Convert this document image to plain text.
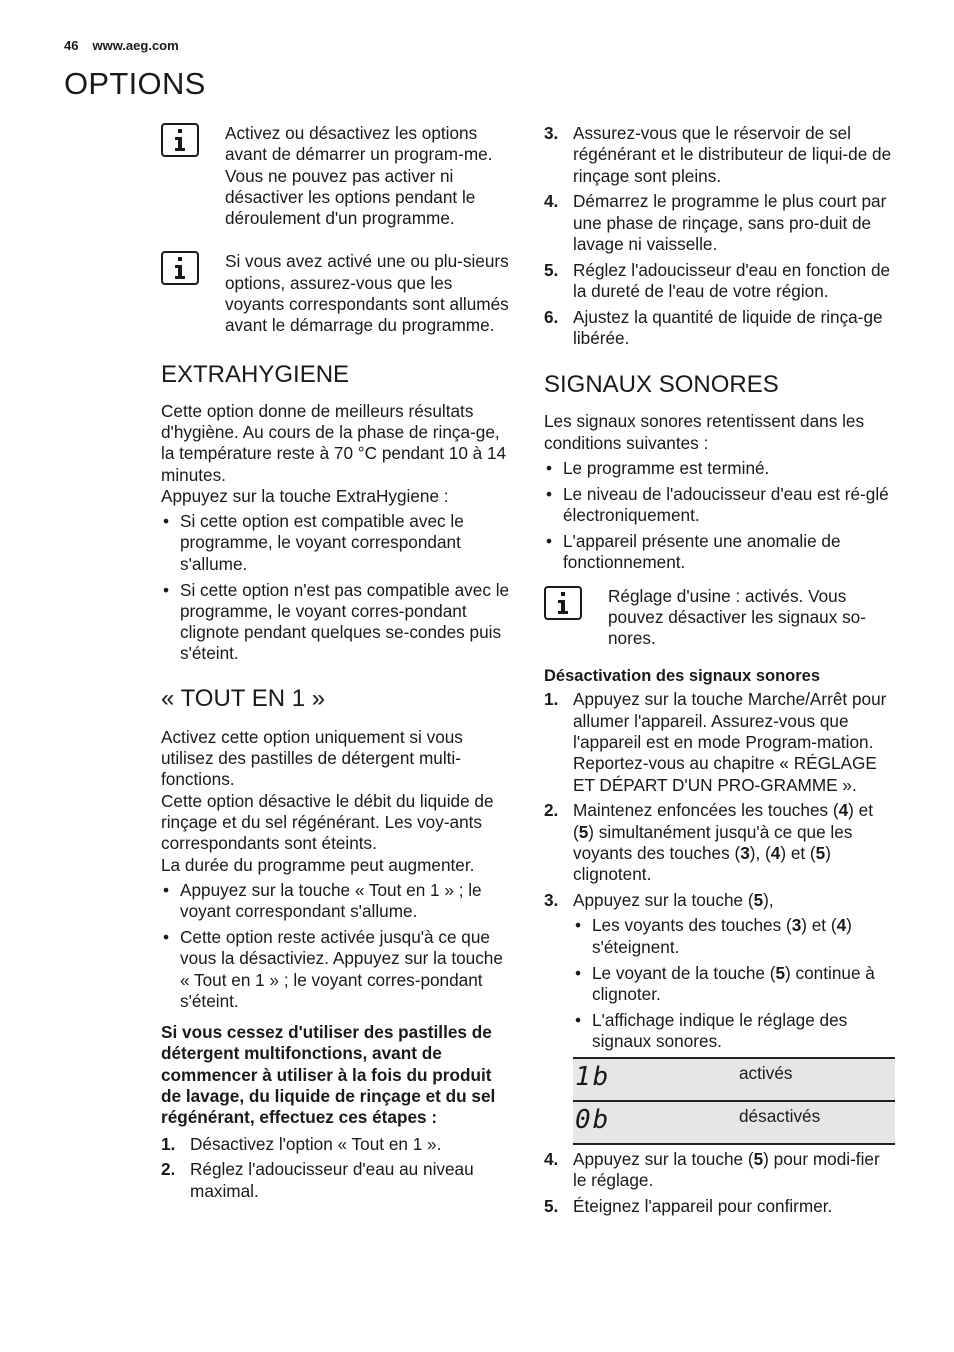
46 www.aeg.com
OPTIONS
Activez ou désactivez les options avant de démarrer un program-me. Vous ne pouvez pas activer ni désactiver les options pendant le déroulement d'un programme.
Si vous avez activé une ou plu-sieurs options, assurez-vous que les voyants correspondants sont allumés avant le démarrage du programme.
EXTRAHYGIENE

Cette option donne de meilleurs résultats d'hygiène. Au cours de la phase de rinça-ge, la température reste à 70 °C pendant 10 à 14 minutes.

Appuyez sur la touche ExtraHygiene :

• Si cette option est compatible avec le programme, le voyant correspondant s'allume.
• Si cette option n'est pas compatible avec le programme, le voyant corres-pondant clignote pendant quelques se-condes puis s'éteint.
« TOUT EN 1 »

Activez cette option uniquement si vous utilisez des pastilles de détergent multi-fonctions.

Cette option désactive le débit du liquide de rinçage et du sel régénérant. Les voy-ants correspondants sont éteints.

La durée du programme peut augmenter.

• Appuyez sur la touche « Tout en 1 » ; le voyant correspondant s'allume.
• Cette option reste activée jusqu'à ce que vous la désactiviez. Appuyez sur la touche « Tout en 1 » ; le voyant corres-pondant s'éteint.

Si vous cessez d'utiliser des pastilles de détergent multifonctions, avant de commencer à utiliser à la fois du produit de lavage, du liquide de rinçage et du sel régénérant, effectuez ces étapes :

1. Désactivez l'option « Tout en 1 ».
2. Réglez l'adoucisseur d'eau au niveau maximal.
3. Assurez-vous que le réservoir de sel régénérant et le distributeur de liqui-de de rinçage sont pleins.
4. Démarrez le programme le plus court par une phase de rinçage, sans pro-duit de lavage ni vaisselle.
5. Réglez l'adoucisseur d'eau en fonction de la dureté de l'eau de votre région.
6. Ajustez la quantité de liquide de rinça-ge libérée.
SIGNAUX SONORES

Les signaux sonores retentissent dans les conditions suivantes :

• Le programme est terminé.
• Le niveau de l'adoucisseur d'eau est ré-glé électroniquement.
• L'appareil présente une anomalie de fonctionnement.
Réglage d'usine : activés. Vous pouvez désactiver les signaux so-nores.
Désactivation des signaux sonores
1. Appuyez sur la touche Marche/Arrêt pour allumer l'appareil. Assurez-vous que l'appareil est en mode Program-mation. Reportez-vous au chapitre « RÉGLAGE ET DÉPART D'UN PRO-GRAMME ».
2. Maintenez enfoncées les touches (4) et (5) simultanément jusqu'à ce que les voyants des touches (3), (4) et (5) clignotent.
3. Appuyez sur la touche (5),
• Les voyants des touches (3) et (4) s'éteignent.
• Le voyant de la touche (5) continue à clignoter.
• L'affichage indique le réglage des signaux sonores.
1b	activés
0b	désactivés
4. Appuyez sur la touche (5) pour modi-fier le réglage.
5. Éteignez l'appareil pour confirmer.
